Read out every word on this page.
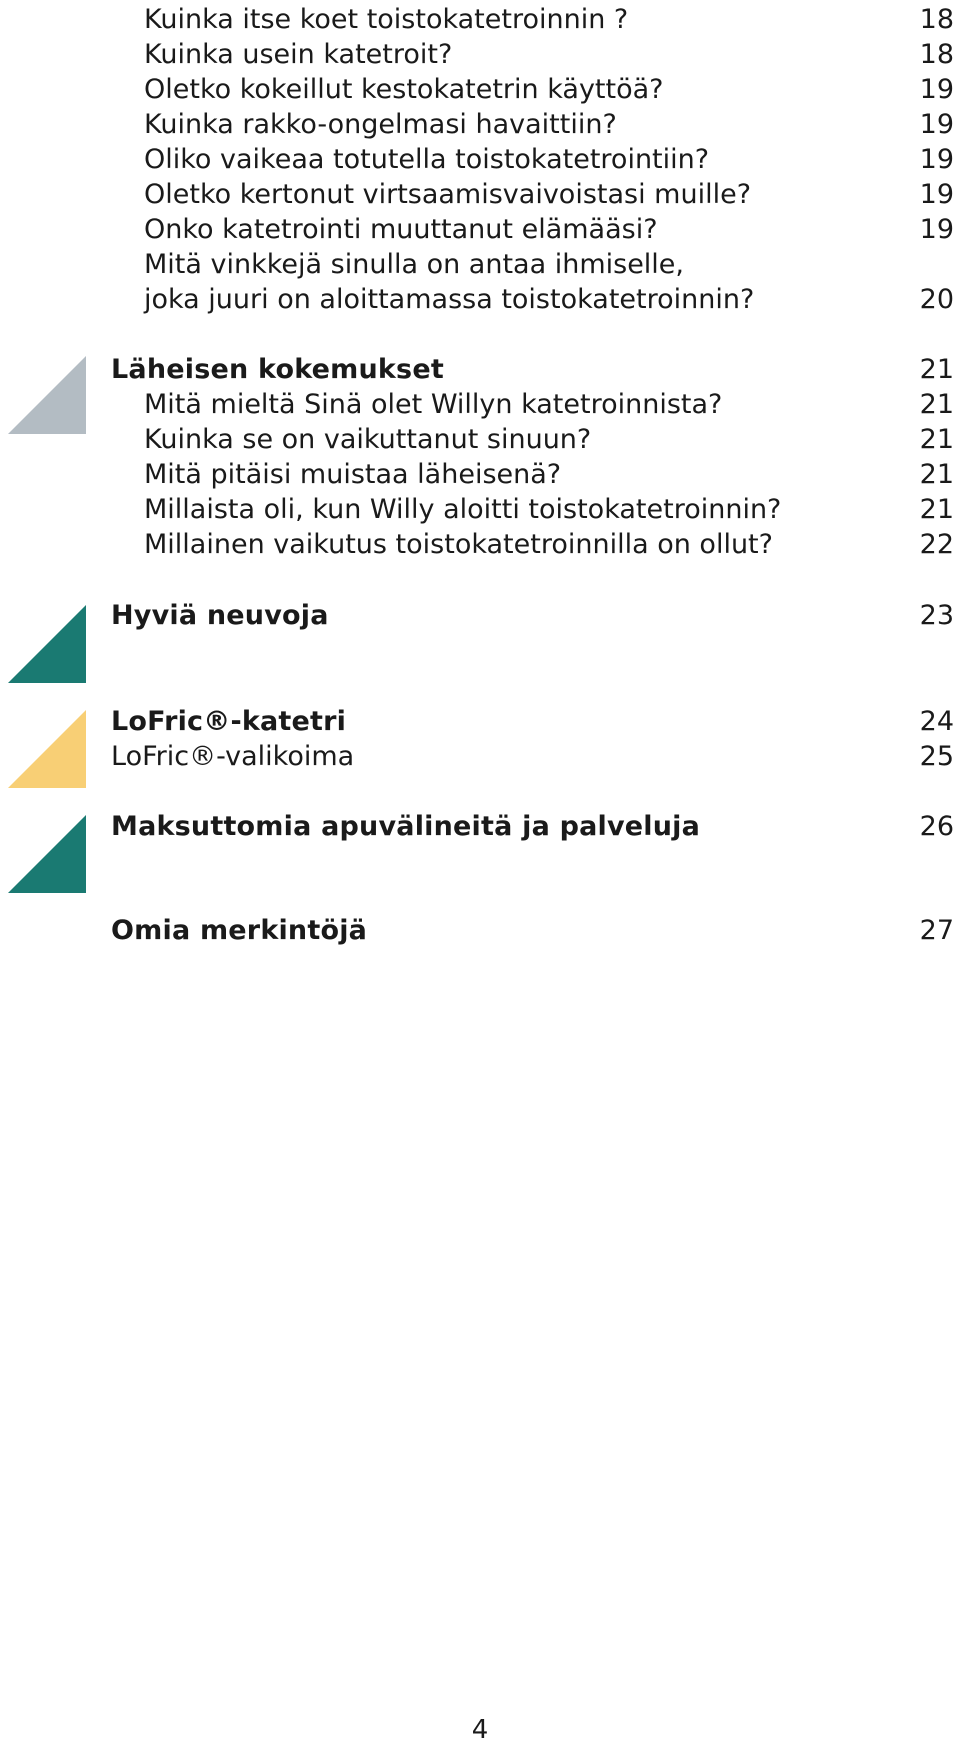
Kuinka itse koet toistokatetroinnin ?	18
Kuinka usein katetroit?	18
Oletko kokeillut kestokatetrin käyttöä?	19
Kuinka rakko-ongelmasi havaittiin?	19
Oliko vaikeaa totutella toistokatetrointiin?	19
Oletko kertonut virtsaamisvaivoistasi muille?	19
Onko katetrointi muuttanut elämääsi?	19
Mitä vinkkejä sinulla on antaa ihmiselle,
joka juuri on aloittamassa toistokatetroinnin?	20
Läheisen kokemukset	21
Mitä mieltä Sinä olet Willyn katetroinnista?	21
Kuinka se on vaikuttanut sinuun?	21
Mitä pitäisi muistaa läheisenä?	21
Millaista oli, kun Willy aloitti toistokatetroinnin?	21
Millainen vaikutus toistokatetroinnilla on ollut?	22
Hyviä neuvoja	23
LoFric®-katetri	24
LoFric®-valikoima	25
Maksuttomia apuvälineitä ja palveluja	26
Omia merkintöjä	27
4
